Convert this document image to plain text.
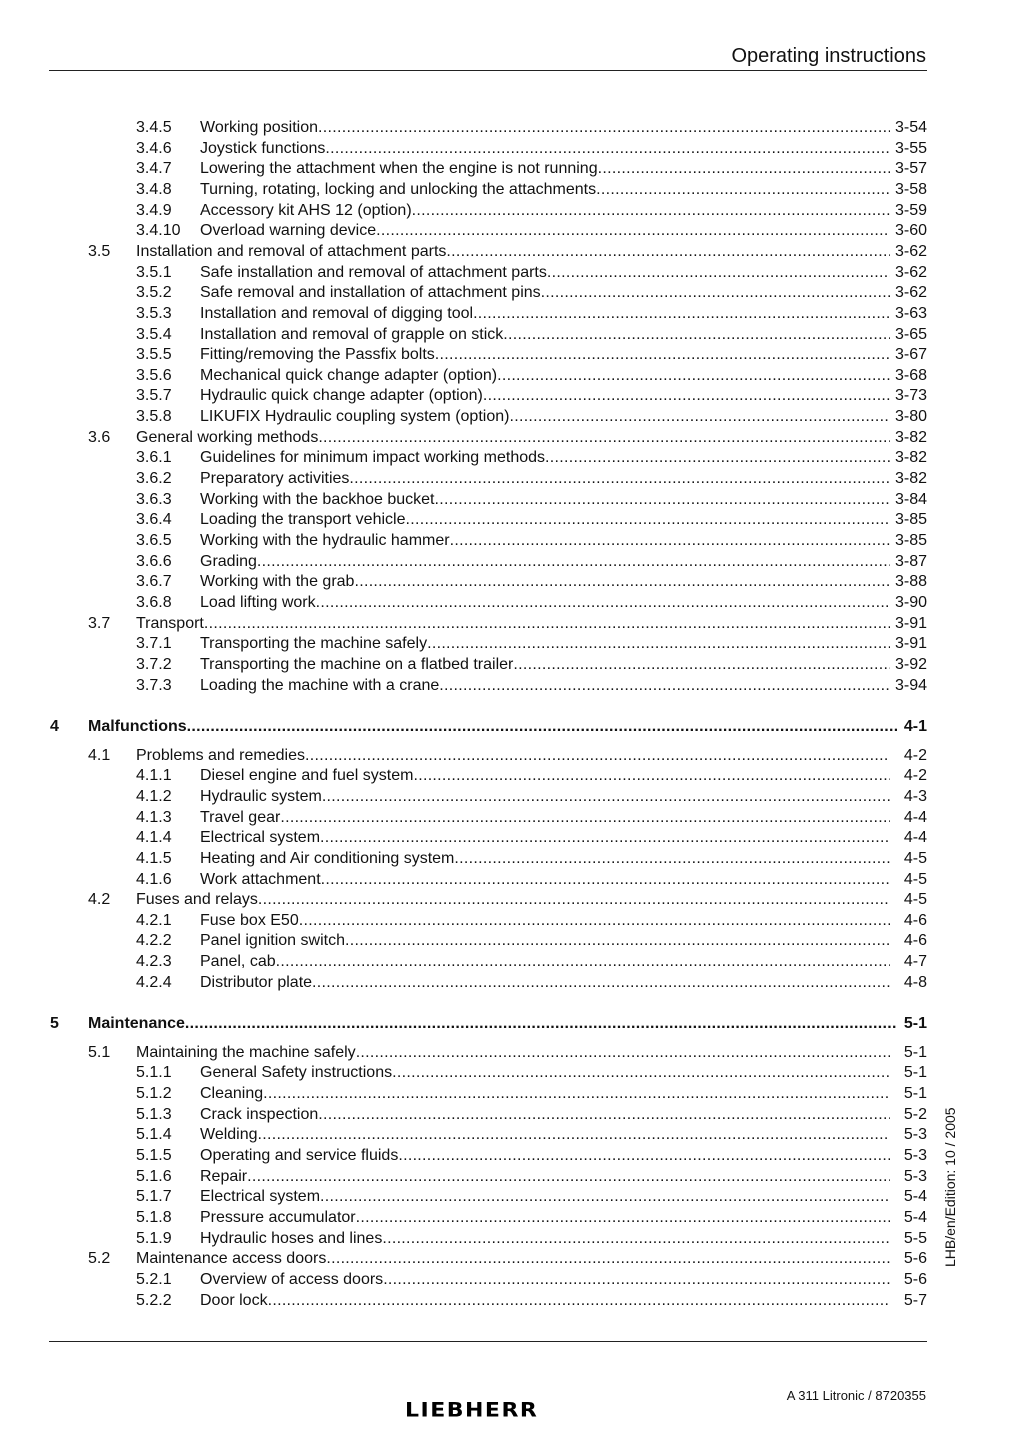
Operating instructions
3.4.5 Working position .....	3-54
3.4.6 Joystick functions .....	3-55
3.4.7 Lowering the attachment when the engine is not running .....	3-57
3.4.8 Turning, rotating, locking and unlocking the attachments .....	3-58
3.4.9 Accessory kit AHS 12 (option) .....	3-59
3.4.10 Overload warning device .....	3-60
3.5 Installation and removal of attachment parts .....	3-62
3.5.1 Safe installation and removal of attachment parts .....	3-62
3.5.2 Safe removal and installation of attachment pins .....	3-62
3.5.3 Installation and removal of digging tool .....	3-63
3.5.4 Installation and removal of grapple on stick .....	3-65
3.5.5 Fitting/removing the Passfix bolts .....	3-67
3.5.6 Mechanical quick change adapter (option) .....	3-68
3.5.7 Hydraulic quick change adapter (option) .....	3-73
3.5.8 LIKUFIX Hydraulic coupling system (option) .....	3-80
3.6 General working methods .....	3-82
3.6.1 Guidelines for minimum impact working methods .....	3-82
3.6.2 Preparatory activities .....	3-82
3.6.3 Working with the backhoe bucket .....	3-84
3.6.4 Loading the transport vehicle .....	3-85
3.6.5 Working with the hydraulic hammer .....	3-85
3.6.6 Grading .....	3-87
3.6.7 Working with the grab .....	3-88
3.6.8 Load lifting work .....	3-90
3.7 Transport .....	3-91
3.7.1 Transporting the machine safely .....	3-91
3.7.2 Transporting the machine on a flatbed trailer .....	3-92
3.7.3 Loading the machine with a crane .....	3-94
4 Malfunctions .....	4-1
4.1 Problems and remedies .....	4-2
4.1.1 Diesel engine and fuel system .....	4-2
4.1.2 Hydraulic system .....	4-3
4.1.3 Travel gear .....	4-4
4.1.4 Electrical system .....	4-4
4.1.5 Heating and Air conditioning system .....	4-5
4.1.6 Work attachment .....	4-5
4.2 Fuses and relays .....	4-5
4.2.1 Fuse box E50 .....	4-6
4.2.2 Panel ignition switch .....	4-6
4.2.3 Panel, cab .....	4-7
4.2.4 Distributor plate .....	4-8
5 Maintenance .....	5-1
5.1 Maintaining the machine safely .....	5-1
5.1.1 General Safety instructions .....	5-1
5.1.2 Cleaning .....	5-1
5.1.3 Crack inspection .....	5-2
5.1.4 Welding .....	5-3
5.1.5 Operating and service fluids .....	5-3
5.1.6 Repair .....	5-3
5.1.7 Electrical system .....	5-4
5.1.8 Pressure accumulator .....	5-4
5.1.9 Hydraulic hoses and lines .....	5-5
5.2 Maintenance access doors .....	5-6
5.2.1 Overview of access doors .....	5-6
5.2.2 Door lock .....	5-7
LHB/en/Edition: 10 / 2005
A 311 Litronic / 8720355
LIEBHERR
